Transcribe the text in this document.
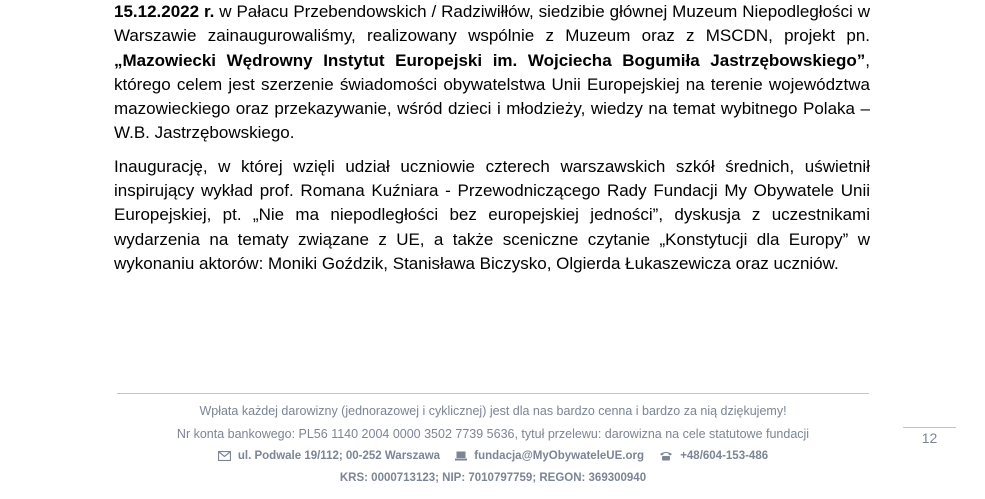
15.12.2022 r. w Pałacu Przebendowskich / Radziwiłłów, siedzibie głównej Muzeum Niepodległości w Warszawie zainaugurowaliśmy, realizowany wspólnie z Muzeum oraz z MSCDN, projekt pn. „Mazowiecki Wędrowny Instytut Europejski im. Wojciecha Bogumiła Jastrzębowskiego”, którego celem jest szerzenie świadomości obywatelstwa Unii Europejskiej na terenie województwa mazowieckiego oraz przekazywanie, wśród dzieci i młodzieży, wiedzy na temat wybitnego Polaka – W.B. Jastrzębowskiego.

Inaugurację, w której wzięli udział uczniowie czterech warszawskich szkół średnich, uświetnił inspirujący wykład prof. Romana Kuźniara - Przewodniczącego Rady Fundacji My Obywatele Unii Europejskiej, pt. „Nie ma niepodległości bez europejskiej jedności”, dyskusja z uczestnikami wydarzenia na tematy związane z UE, a także sceniczne czytanie „Konstytucji dla Europy” w wykonaniu aktorów: Moniki Goździk, Stanisława Biczysko, Olgierda Łukaszewicza oraz uczniów.

Wpłata każdej darowizny (jednorazowej i cyklicznej) jest dla nas bardzo cenna i bardzo za nią dziękujemy!
Nr konta bankowego: PL56 1140 2004 0000 3502 7739 5636, tytuł przelewu: darowizna na cele statutowe fundacji
ul. Podwale 19/112; 00-252 Warszawa
	fundacja@MyObywateleUE.org
	+48/604-153-486
KRS: 0000713123; NIP: 7010797759; REGON: 369300940
12
